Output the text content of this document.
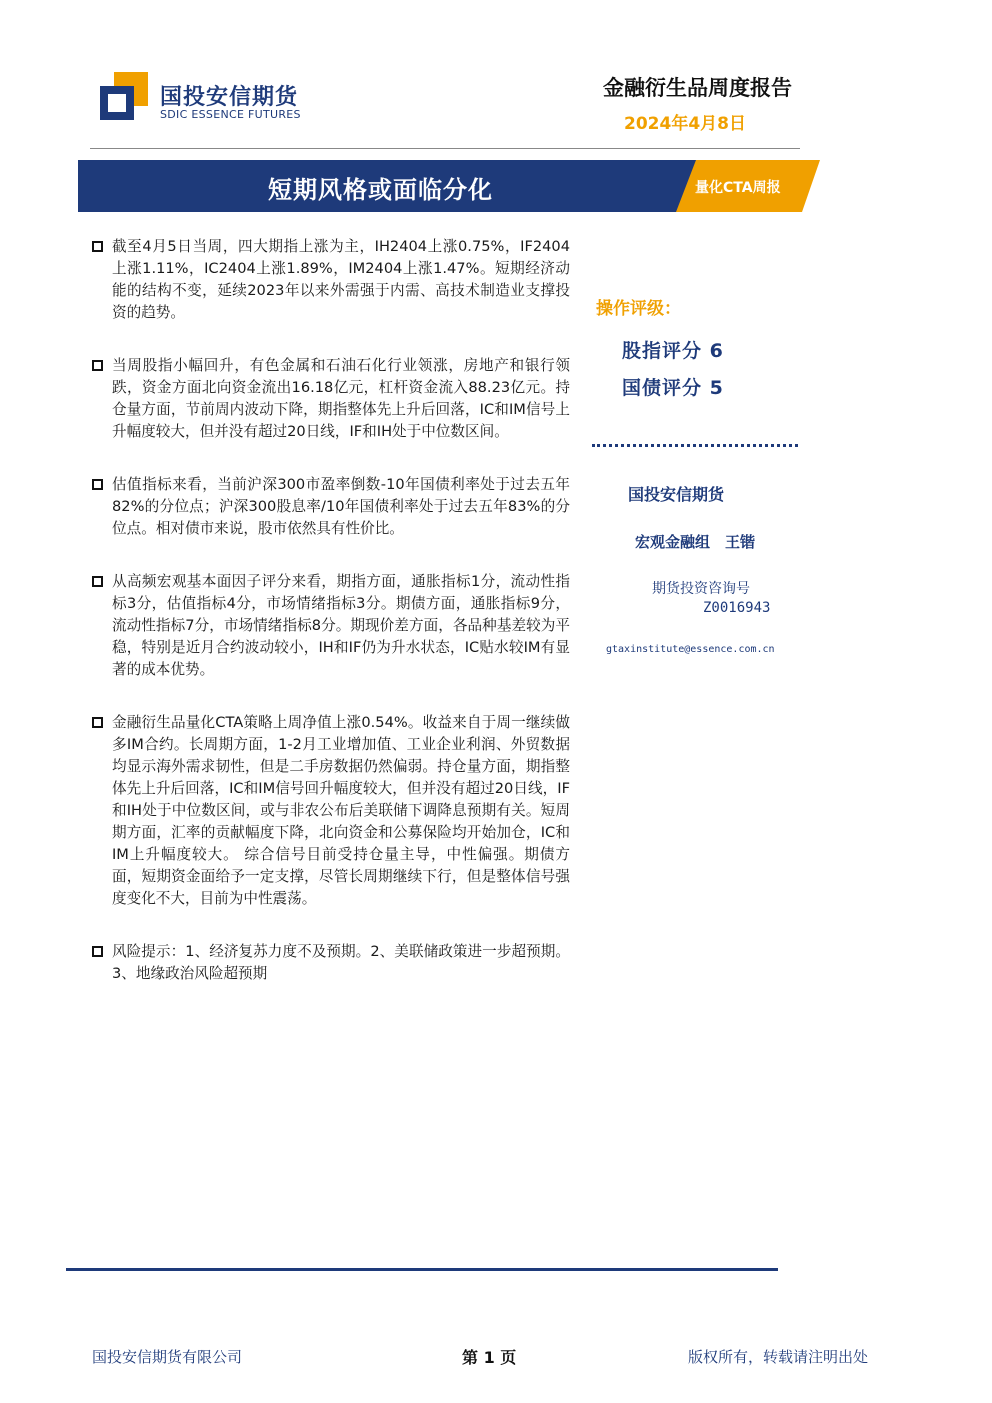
国投安信期货
SDIC ESSENCE FUTURES
金融衍生品周度报告
2024年4月8日
短期风格或面临分化	量化CTA周报
截至4月5日当周，四大期指上涨为主，IH2404上涨0.75%，IF2404上涨1.11%，IC2404上涨1.89%，IM2404上涨1.47%。短期经济动能的结构不变，延续2023年以来外需强于内需、高技术制造业支撑投资的趋势。
当周股指小幅回升，有色金属和石油石化行业领涨，房地产和银行领跌，资金方面北向资金流出16.18亿元，杠杆资金流入88.23亿元。持仓量方面，节前周内波动下降，期指整体先上升后回落，IC和IM信号上升幅度较大，但并没有超过20日线，IF和IH处于中位数区间。
估值指标来看，当前沪深300市盈率倒数-10年国债利率处于过去五年82%的分位点；沪深300股息率/10年国债利率处于过去五年83%的分位点。相对债市来说，股市依然具有性价比。
从高频宏观基本面因子评分来看，期指方面，通胀指标1分，流动性指标3分，估值指标4分，市场情绪指标3分。期债方面，通胀指标9分，流动性指标7分，市场情绪指标8分。期现价差方面，各品种基差较为平稳，特别是近月合约波动较小，IH和IF仍为升水状态，IC贴水较IM有显著的成本优势。
金融衍生品量化CTA策略上周净值上涨0.54%。收益来自于周一继续做多IM合约。长周期方面，1-2月工业增加值、工业企业利润、外贸数据均显示海外需求韧性，但是二手房数据仍然偏弱。持仓量方面，期指整体先上升后回落，IC和IM信号回升幅度较大，但并没有超过20日线，IF和IH处于中位数区间，或与非农公布后美联储下调降息预期有关。短周期方面，汇率的贡献幅度下降，北向资金和公募保险均开始加仓，IC和IM上升幅度较大。 综合信号目前受持仓量主导，中性偏强。期债方面，短期资金面给予一定支撑，尽管长周期继续下行，但是整体信号强度变化不大，目前为中性震荡。
风险提示：1、经济复苏力度不及预期。2、美联储政策进一步超预期。3、地缘政治风险超预期
操作评级：
股指评分 6
国债评分 5
国投安信期货
宏观金融组　王锴
期货投资咨询号
Z0016943
gtaxinstitute@essence.com.cn
国投安信期货有限公司	第 1 页	版权所有，转载请注明出处
